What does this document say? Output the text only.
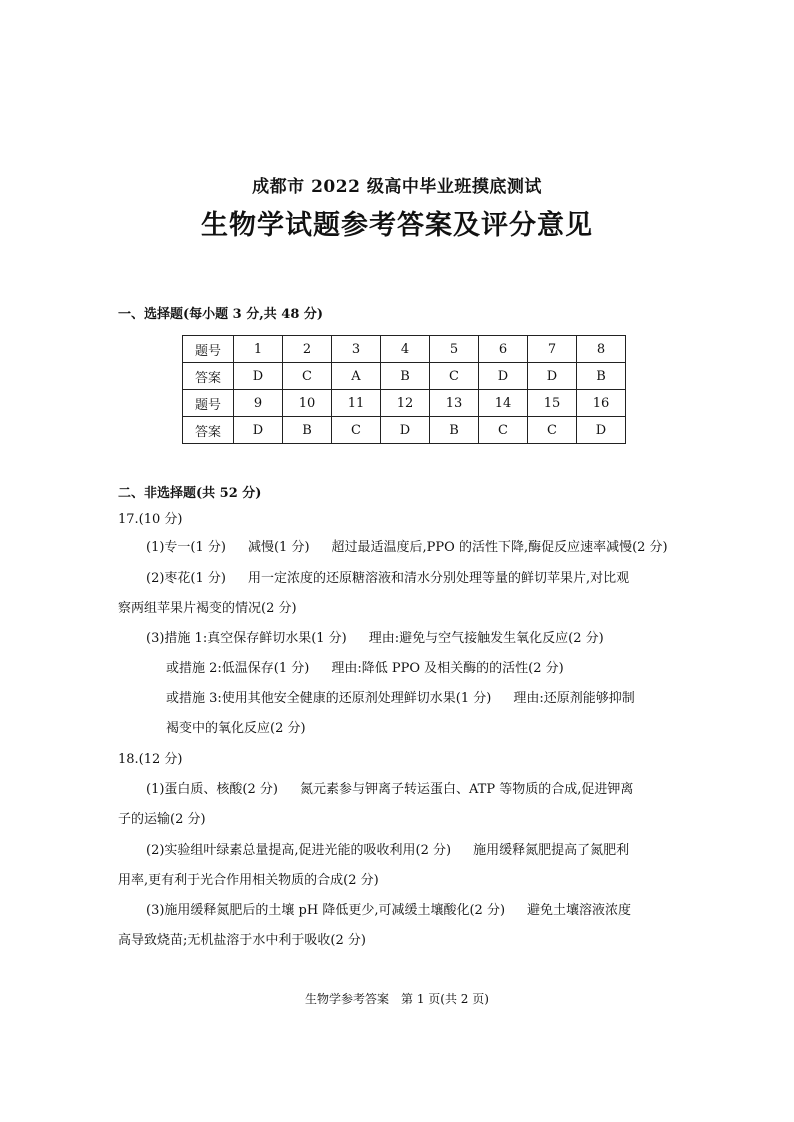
成都市 2022 级高中毕业班摸底测试
生物学试题参考答案及评分意见
一、选择题(每小题 3 分,共 48 分)
题号	1	2	3	4	5	6	7	8
答案	D	C	A	B	C	D	D	B
题号	9	10	11	12	13	14	15	16
答案	D	B	C	D	B	C	C	D
二、非选择题(共 52 分)
17.(10 分)
(1)专一(1 分) 减慢(1 分) 超过最适温度后,PPO 的活性下降,酶促反应速率减慢(2 分)
(2)枣花(1 分) 用一定浓度的还原糖溶液和清水分别处理等量的鲜切苹果片,对比观
察两组苹果片褐变的情况(2 分)
(3)措施 1:真空保存鲜切水果(1 分) 理由:避免与空气接触发生氧化反应(2 分)
或措施 2:低温保存(1 分) 理由:降低 PPO 及相关酶的的活性(2 分)
或措施 3:使用其他安全健康的还原剂处理鲜切水果(1 分) 理由:还原剂能够抑制
褐变中的氧化反应(2 分)
18.(12 分)
(1)蛋白质、核酸(2 分) 氮元素参与钾离子转运蛋白、ATP 等物质的合成,促进钾离
子的运输(2 分)
(2)实验组叶绿素总量提高,促进光能的吸收利用(2 分) 施用缓释氮肥提高了氮肥利
用率,更有利于光合作用相关物质的合成(2 分)
(3)施用缓释氮肥后的土壤 pH 降低更少,可减缓土壤酸化(2 分) 避免土壤溶液浓度
高导致烧苗;无机盐溶于水中利于吸收(2 分)
生物学参考答案　第 1 页(共 2 页)
